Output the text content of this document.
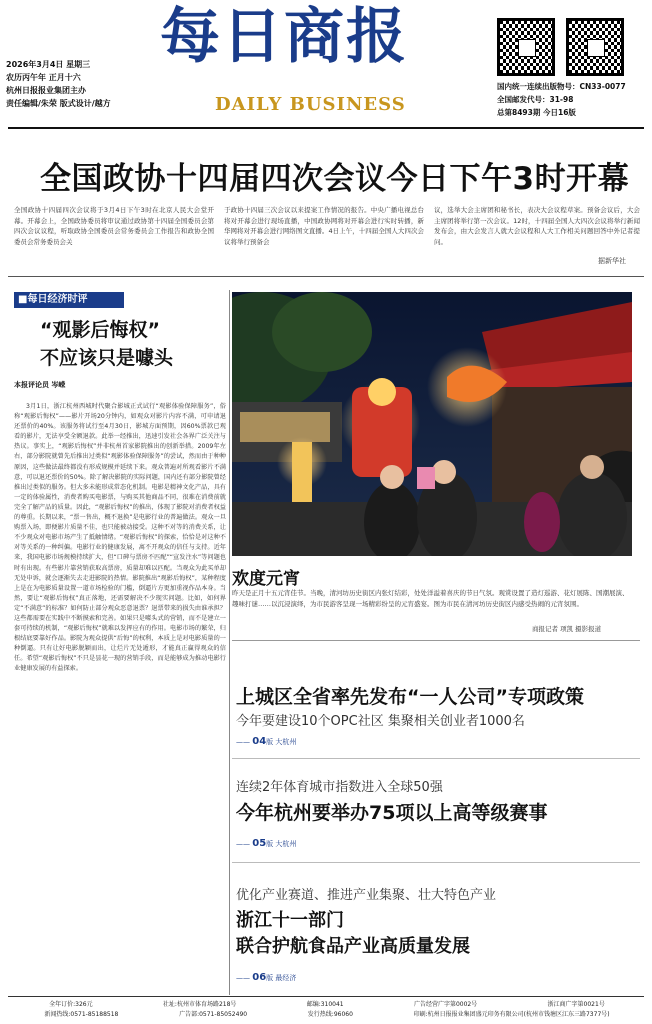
2026年3月4日 星期三
农历丙午年 正月十六
杭州日报报业集团主办
责任编辑/朱荣 版式设计/越方
每日商报
DAILY BUSINESS
国内统一连续出版物号：CN33-0077
全国邮发代号：31-98
总第8493期 今日16版
全国政协十四届四次会议今日下午3时开幕
全国政协十四届四次会议将于3月4日下午3时在北京人民大会堂开幕。开幕会上，全国政协委员将审议通过政协第十四届全国委员会第四次会议议程，听取政协全国委员会常务委员会工作报告和政协全国委员会常务委员会关
于政协十四届三次会议以来提案工作情况的报告。中央广播电视总台将对开幕会进行现场直播，中国政协网将对开幕会进行实时转播，新华网将对开幕会进行网络图文直播。4日上午，十四届全国人大四次会议将举行预备会
议，选举大会主席团和秘书长，表决大会议程草案。预备会议后，大会主席团将举行第一次会议。12时，十四届全国人大四次会议将举行新闻发布会，由大会发言人就大会议程和人大工作相关问题回答中外记者提问。
据新华社
■每日经济时评
“观影后悔权”
不应该只是噱头
本报评论员 岑嵘
3月1日，浙江杭州西城时代聚合影城正式试行“观影体验保障服务”，俗称“观影后悔权”——影片开场20分钟内，如观众对影片内容不满，可申请退还票价的40%。该服务将试行至4月30日，影城方面预期，因60%票款已观看的影片，无法享受全额退款。此举一经推出，迅速引发社会各界广泛关注与热议。事实上，“观影后悔权”并非杭州首家影院推出的创新举措。2009年左右，部分影院就曾先后推出过类似“观影体验保障服务”的尝试，然而由于种种原因，这些做法最终都没有形成规模并延续下来。观众普遍对所观看影片不满意，可以退还票价的50%。除了解决影院的实际问题，国内还有部分影院曾经推出过类似的服务。但大多未能形成常态化机制。电影是精神文化产品，具有一定的体验属性，消费者购买电影票，与购买其他商品不同，很难在消费前就完全了解产品的质量。因此，“观影后悔权”的推出，体现了影院对消费者权益的尊重。长期以来，“票一售出，概不退换”是电影行业的普遍做法。观众一旦购票入场，即便影片质量不佳，也只能被动接受。这种不对等的消费关系，让不少观众对电影市场产生了抵触情绪。“观影后悔权”的探索，恰恰是对这种不对等关系的一种纠偏。电影行业的健康发展，离不开观众的信任与支持。近年来，我国电影市场规模持续扩大，但“口碑与票房不匹配”“宣发注水”等问题也时有出现。有些影片靠营销获取高票房，质量却难以匹配。当观众为此买单却无处申诉，就会逐渐失去走进影院的热情。影院推出“观影后悔权”，某种程度上是在为电影质量设置一道市场检验的门槛，倒逼片方更加重视作品本身。当然，要让“观影后悔权”真正落地，还需要解决不少现实问题。比如，如何界定“不满意”的标准？如何防止部分观众恶意退票？退票带来的损失由谁承担？这些都需要在实践中不断摸索和完善。如果只是噱头式的营销，而不是建立一套可持续的机制，“观影后悔权”就难以发挥应有的作用。电影市场的繁荣，归根结底要靠好作品。影院为观众提供“后悔”的权利，本质上是对电影质量的一种倒逼。只有让好电影脱颖而出，让烂片无处遁形，才能真正赢得观众的信任。希望“观影后悔权”不只是昙花一现的营销手段，而是能够成为推动电影行业健康发展的有益探索。
欢度元宵
昨天是正月十五元宵佳节。当晚，清河坊历史街区内张灯结彩，处处洋溢着喜庆的节日气氛。观赏设置了造灯巡游、花灯展陈、国潮展演、趣味打谜……以沉浸演绎，为市民游客呈现一场精彩纷呈的元宵盛宴。图为市民在清河坊历史街区内感受热闹的元宵氛围。
商报记者 项凯 摄影报道
上城区全省率先发布“一人公司”专项政策
今年要建设10个OPC社区 集聚相关创业者1000名
—— 04版 大杭州
连续2年体育城市指数进入全球50强
今年杭州要举办75项以上高等级赛事
—— 05版 大杭州
优化产业赛道、推进产业集聚、壮大特色产业
浙江十一部门
联合护航食品产业高质量发展
—— 06版 最经济
全年订价:326元	社址:杭州市体育场路218号	邮编:310041	广告经营广字第0002号	浙江商广字第0021号
新闻热线:0571-85188518	广告部:0571-85052490	发行热线:96060	印刷:杭州日报报业集团盛元印务有限公司(杭州市钱塘区江东三路7377号)
